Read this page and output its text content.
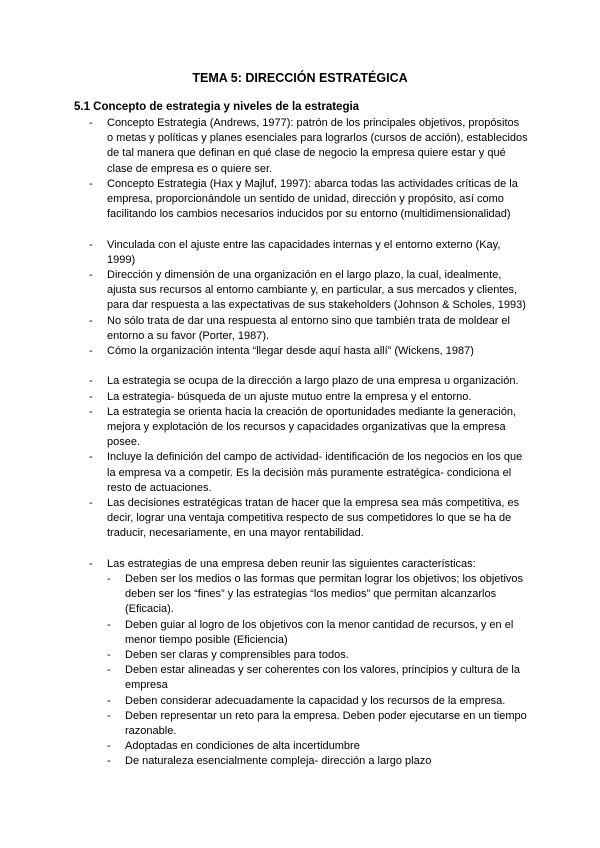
TEMA 5: DIRECCIÓN ESTRATÉGICA
5.1 Concepto de estrategia y niveles de la estrategia
- Concepto Estrategia (Andrews, 1977): patrón de los principales objetivos, propósitos o metas y políticas y planes esenciales para lograrlos (cursos de acción), establecidos de tal manera que definan en qué clase de negocio la empresa quiere estar y qué clase de empresa es o quiere ser.
- Concepto Estrategia (Hax y Majluf, 1997): abarca todas las actividades críticas de la empresa, proporcionándole un sentido de unidad, dirección y propósito, así como facilitando los cambios necesarios inducidos por su entorno (multidimensionalidad)
- Vinculada con el ajuste entre las capacidades internas y el entorno externo (Kay, 1999)
- Dirección y dimensión de una organización en el largo plazo, la cual, idealmente, ajusta sus recursos al entorno cambiante y, en particular, a sus mercados y clientes, para dar respuesta a las expectativas de sus stakeholders (Johnson & Scholes, 1993)
- No sólo trata de dar una respuesta al entorno sino que también trata de moldear el entorno a su favor (Porter, 1987).
- Cómo la organización intenta “llegar desde aquí hasta allí” (Wickens, 1987)
- La estrategia se ocupa de la dirección a largo plazo de una empresa u organización.
- La estrategia- búsqueda de un ajuste mutuo entre la empresa y el entorno.
- La estrategia se orienta hacia la creación de oportunidades mediante la generación, mejora y explotación de los recursos y capacidades organizativas que la empresa posee.
- Incluye la definición del campo de actividad- identificación de los negocios en los que la empresa va a competir. Es la decisión más puramente estratégica- condiciona el resto de actuaciones.
- Las decisiones estratégicas tratan de hacer que la empresa sea más competitiva, es decir, lograr una ventaja competitiva respecto de sus competidores lo que se ha de traducir, necesariamente, en una mayor rentabilidad.
- Las estrategias de una empresa deben reunir las siguientes características:
- Deben ser los medios o las formas que permitan lograr los objetivos; los objetivos deben ser los “fines” y las estrategias “los medios” que permitan alcanzarlos (Eficacia).
- Deben guiar al logro de los objetivos con la menor cantidad de recursos, y en el menor tiempo posible (Eficiencia)
- Deben ser claras y comprensibles para todos.
- Deben estar alineadas y ser coherentes con los valores, principios y cultura de la empresa
- Deben considerar adecuadamente la capacidad y los recursos de la empresa.
- Deben representar un reto para la empresa. Deben poder ejecutarse en un tiempo razonable.
- Adoptadas en condiciones de alta incertidumbre
- De naturaleza esencialmente compleja- dirección a largo plazo
